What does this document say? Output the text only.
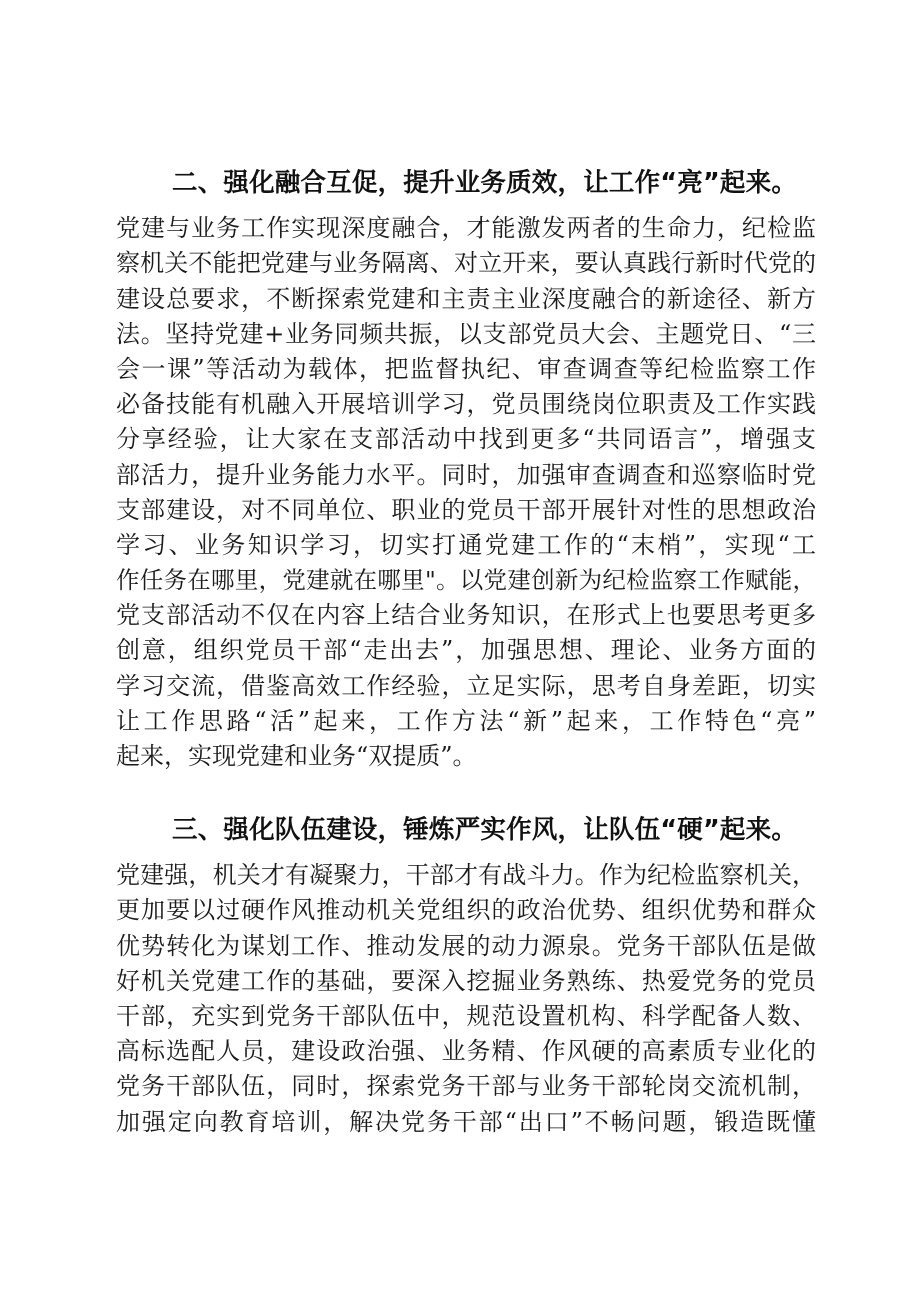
二、强化融合互促，提升业务质效，让工作“亮”起来。
党建与业务工作实现深度融合，才能激发两者的生命力，纪检监
察机关不能把党建与业务隔离、对立开来，要认真践行新时代党的
建设总要求，不断探索党建和主责主业深度融合的新途径、新方
法。坚持党建+业务同频共振，以支部党员大会、主题党日、“三
会一课”等活动为载体，把监督执纪、审查调查等纪检监察工作
必备技能有机融入开展培训学习，党员围绕岗位职责及工作实践
分享经验，让大家在支部活动中找到更多“共同语言”，增强支
部活力，提升业务能力水平。同时，加强审查调查和巡察临时党
支部建设，对不同单位、职业的党员干部开展针对性的思想政治
学习、业务知识学习，切实打通党建工作的“末梢”，实现“工
作任务在哪里，党建就在哪里"。以党建创新为纪检监察工作赋能，
党支部活动不仅在内容上结合业务知识，在形式上也要思考更多
创意，组织党员干部“走出去”，加强思想、理论、业务方面的
学习交流，借鉴高效工作经验，立足实际，思考自身差距，切实
让工作思路“活”起来，工作方法“新”起来，工作特色“亮”
起来，实现党建和业务“双提质”。
三、强化队伍建设，锤炼严实作风，让队伍“硬”起来。
党建强，机关才有凝聚力，干部才有战斗力。作为纪检监察机关，
更加要以过硬作风推动机关党组织的政治优势、组织优势和群众
优势转化为谋划工作、推动发展的动力源泉。党务干部队伍是做
好机关党建工作的基础，要深入挖掘业务熟练、热爱党务的党员
干部，充实到党务干部队伍中，规范设置机构、科学配备人数、
高标选配人员，建设政治强、业务精、作风硬的高素质专业化的
党务干部队伍，同时，探索党务干部与业务干部轮岗交流机制，
加强定向教育培训，解决党务干部“出口”不畅问题，锻造既懂
